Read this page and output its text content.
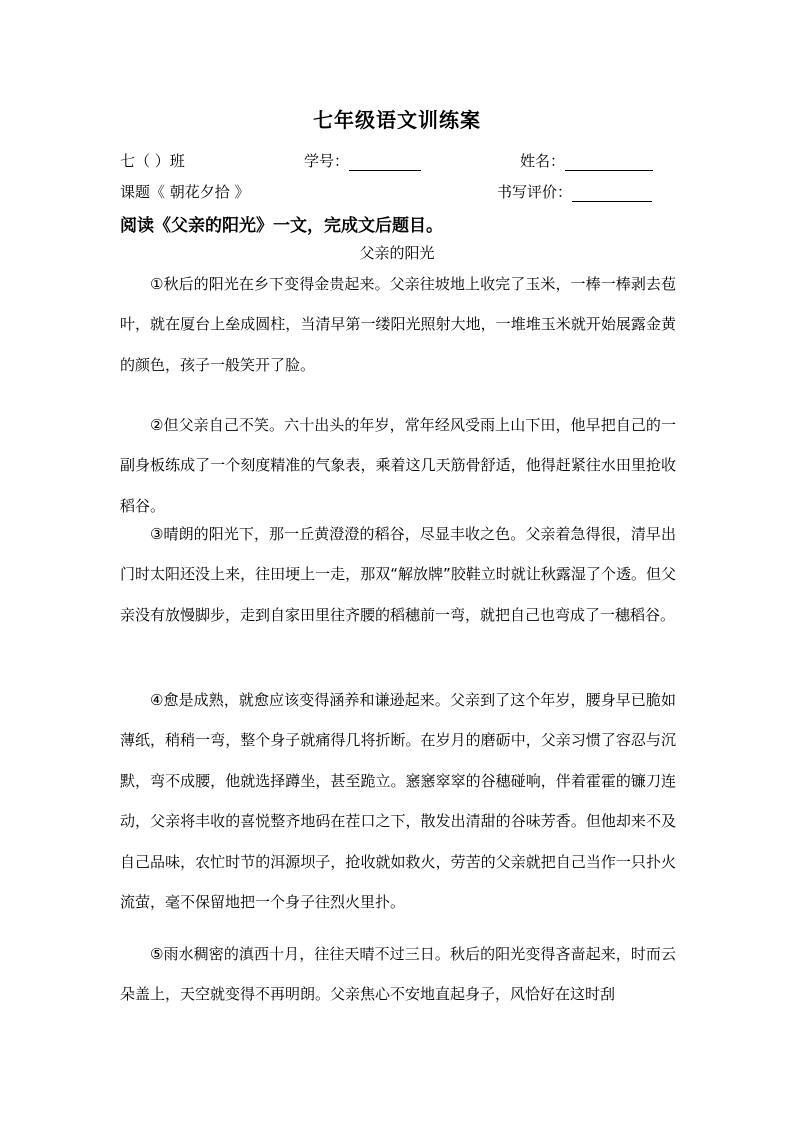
七年级语文训练案
七（ ）班	学号：	姓名：
课题《 朝花夕拾 》	书写评价：
阅读《父亲的阳光》一文，完成文后题目。
父亲的阳光

①秋后的阳光在乡下变得金贵起来。父亲往坡地上收完了玉米，一棒一棒剥去苞叶，就在厦台上垒成圆柱，当清早第一缕阳光照射大地，一堆堆玉米就开始展露金黄的颜色，孩子一般笑开了脸。

②但父亲自己不笑。六十出头的年岁，常年经风受雨上山下田，他早把自己的一副身板练成了一个刻度精准的气象表，乘着这几天筋骨舒适，他得赶紧往水田里抢收稻谷。

③晴朗的阳光下，那一丘黄澄澄的稻谷，尽显丰收之色。父亲着急得很，清早出门时太阳还没上来，往田埂上一走，那双“解放牌”胶鞋立时就让秋露湿了个透。但父亲没有放慢脚步，走到自家田里往齐腰的稻穗前一弯，就把自己也弯成了一穗稻谷。

④愈是成熟，就愈应该变得涵养和谦逊起来。父亲到了这个年岁，腰身早已脆如薄纸，稍稍一弯，整个身子就痛得几将折断。在岁月的磨砺中，父亲习惯了容忍与沉默，弯不成腰，他就选择蹲坐，甚至跪立。窸窸窣窣的谷穗碰响，伴着霍霍的镰刀连动，父亲将丰收的喜悦整齐地码在茬口之下，散发出清甜的谷味芳香。但他却来不及自己品味，农忙时节的洱源坝子，抢收就如救火，劳苦的父亲就把自己当作一只扑火流萤，毫不保留地把一个身子往烈火里扑。

⑤雨水稠密的滇西十月，往往天晴不过三日。秋后的阳光变得吝啬起来，时而云朵盖上，天空就变得不再明朗。父亲焦心不安地直起身子，风恰好在这时刮
